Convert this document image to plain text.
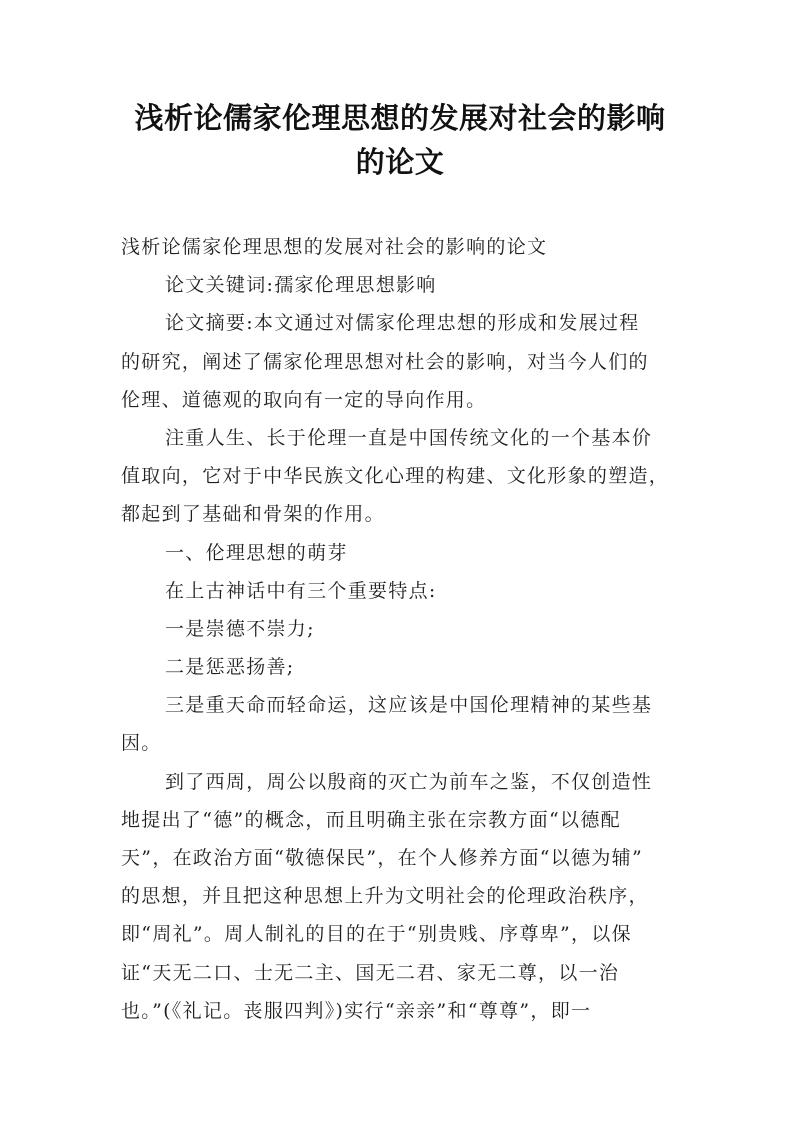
浅析论儒家伦理思想的发展对社会的影响
的论文
浅析论儒家伦理思想的发展对社会的影响的论文
论文关键词:孺家伦理思想影响
论文摘要:本文通过对儒家伦理忠想的形成和发展过程
的研究，阐述了儒家伦理思想对杜会的影响，对当今人们的
伦理、道德观的取向有一定的导向作用。
注重人生、长于伦理一直是中国传统文化的一个基本价
值取向，它对于中华民族文化心理的构建、文化形象的塑造，
都起到了基础和骨架的作用。
一、伦理思想的萌芽
在上古神话中有三个重要特点:
一是崇德不崇力;
二是惩恶扬善;
三是重天命而轻命运，这应该是中国伦理精神的某些基
因。
到了西周，周公以殷商的灭亡为前车之鉴，不仅创造性
地提出了“德”的概念，而且明确主张在宗教方面“以德配
天”，在政治方面“敬德保民”，在个人修养方面“以德为辅”
的思想，并且把这种思想上升为文明社会的伦理政治秩序，
即“周礼”。周人制礼的目的在于“别贵贱、序尊卑”，以保
证“天无二口、士无二主、国无二君、家无二尊，以一治
也。”(《礼记。丧服四判》)实行“亲亲”和“尊尊”，即一
